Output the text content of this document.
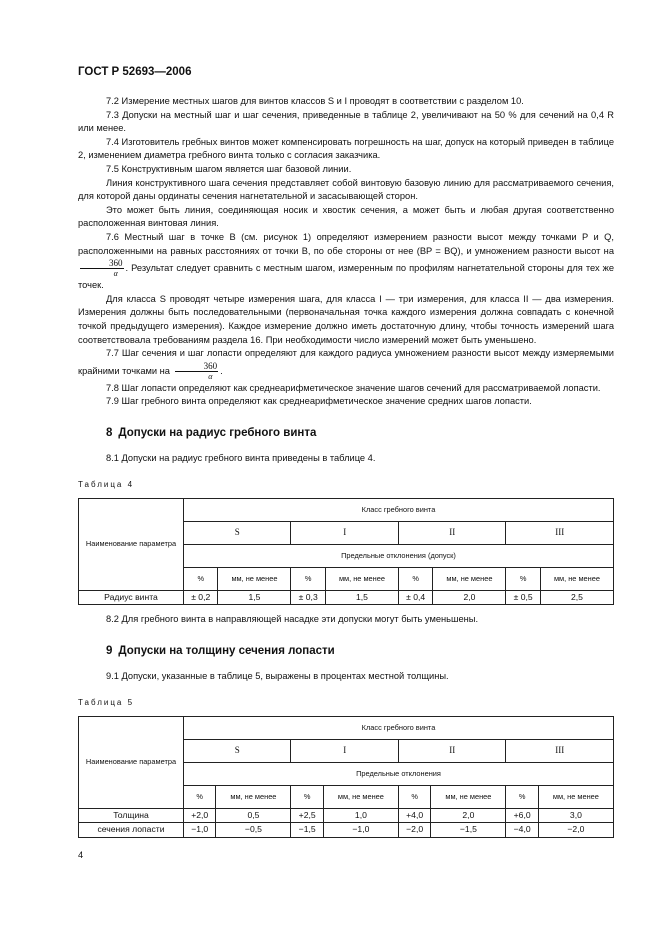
ГОСТ Р 52693—2006

7.2 Измерение местных шагов для винтов классов S и I проводят в соответствии с разделом 10.

7.3 Допуски на местный шаг и шаг сечения, приведенные в таблице 2, увеличивают на 50 % для сечений на 0,4 R или менее.

7.4 Изготовитель гребных винтов может компенсировать погрешность на шаг, допуск на который приведен в таблице 2, изменением диаметра гребного винта только с согласия заказчика.

7.5 Конструктивным шагом является шаг базовой линии.

Линия конструктивного шага сечения представляет собой винтовую базовую линию для рассматриваемого сечения, для которой даны ординаты сечения нагнетательной и засасывающей сторон.

Это может быть линия, соединяющая носик и хвостик сечения, а может быть и любая другая соответственно расположенная винтовая линия.

7.6 Местный шаг в точке B (см. рисунок 1) определяют измерением разности высот между точками P и Q, расположенными на равных расстояниях от точки B, по обе стороны от нее (BP = BQ), и умножением разности высот на
$\frac{360}{\alpha}$ . Результат следует сравнить с местным шагом, измеренным по профилям нагнетательной стороны для тех же точек.

Для класса S проводят четыре измерения шага, для класса I — три измерения, для класса II — два измерения. Измерения должны быть последовательными (первоначальная точка каждого измерения должна совпадать с конечной точкой предыдущего измерения). Каждое измерение должно иметь достаточную длину, чтобы точность измерений шага соответствовала требованиям раздела 16. При необходимости число измерений может быть уменьшено.

7.7 Шаг сечения и шаг лопасти определяют для каждого радиуса умножением разности высот между измеряемыми крайними точками на $\frac{360}{\alpha}$ .

7.8 Шаг лопасти определяют как среднеарифметическое значение шагов сечений для рассматриваемой лопасти.

7.9 Шаг гребного винта определяют как среднеарифметическое значение средних шагов лопасти.

8 Допуски на радиус гребного винта

8.1 Допуски на радиус гребного винта приведены в таблице 4.

Таблица 4
Наименование параметра	Класс гребного винта							
	S		I		II		III	
	Предельные отклонения (допуск)							
	%	мм, не менее	%	мм, не менее	%	мм, не менее	%	мм, не менее
Радиус винта	± 0,2	1,5	± 0,3	1,5	± 0,4	2,0	± 0,5	2,5

8.2 Для гребного винта в направляющей насадке эти допуски могут быть уменьшены.

9 Допуски на толщину сечения лопасти

9.1 Допуски, указанные в таблице 5, выражены в процентах местной толщины.

Таблица 5
Наименование параметра	Класс гребного винта							
	S		I		II		III	
	Предельные отклонения							
	%	мм, не менее	%	мм, не менее	%	мм, не менее	%	мм, не менее
Толщина	+2,0	0,5	+2,5	1,0	+4,0	2,0	+6,0	3,0
сечения лопасти	−1,0	−0,5	−1,5	−1,0	−2,0	−1,5	−4,0	−2,0
4
